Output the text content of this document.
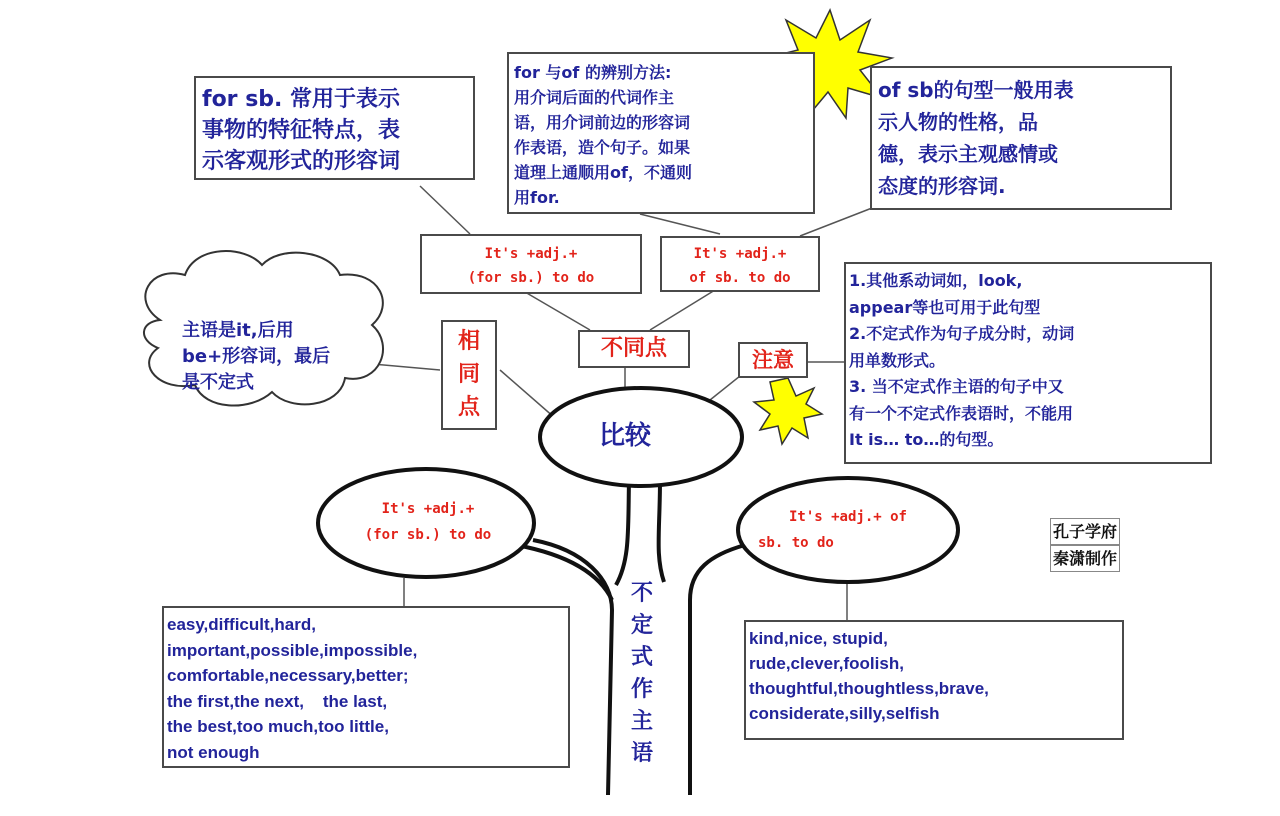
for sb. 常用于表示
事物的特征特点，表
示客观形式的形容词
for 与of 的辨别方法:
用介词后面的代词作主
语，用介词前边的形容词
作表语，造个句子。如果
道理上通顺用of，不通则
用for.
of sb的句型一般用表
示人物的性格，品
德，表示主观感情或
态度的形容词.
It's +adj.+
(for sb.) to do
It's +adj.+
of sb. to do	1.其他系动词如，look,
appear等也可用于此句型
2.不定式作为句子成分时，动词
用单数形式。
3. 当不定式作主语的句子中又
有一个不定式作表语时，不能用
It is… to…的句型。
主语是it,后用
be+形容词，最后
是不定式
相
同
点
不同点	注意
比较
It's +adj.+
(for sb.) to do
It's +adj.+ of
sb. to do
不
定
式
作
主
语
easy,difficult,hard,
important,possible,impossible,
comfortable,necessary,better;
the first,the next,    the last,
the best,too much,too little,
not enough
kind,nice, stupid,
rude,clever,foolish,
thoughtful,thoughtless,brave,
considerate,silly,selfish
孔子学府
秦潇制作
